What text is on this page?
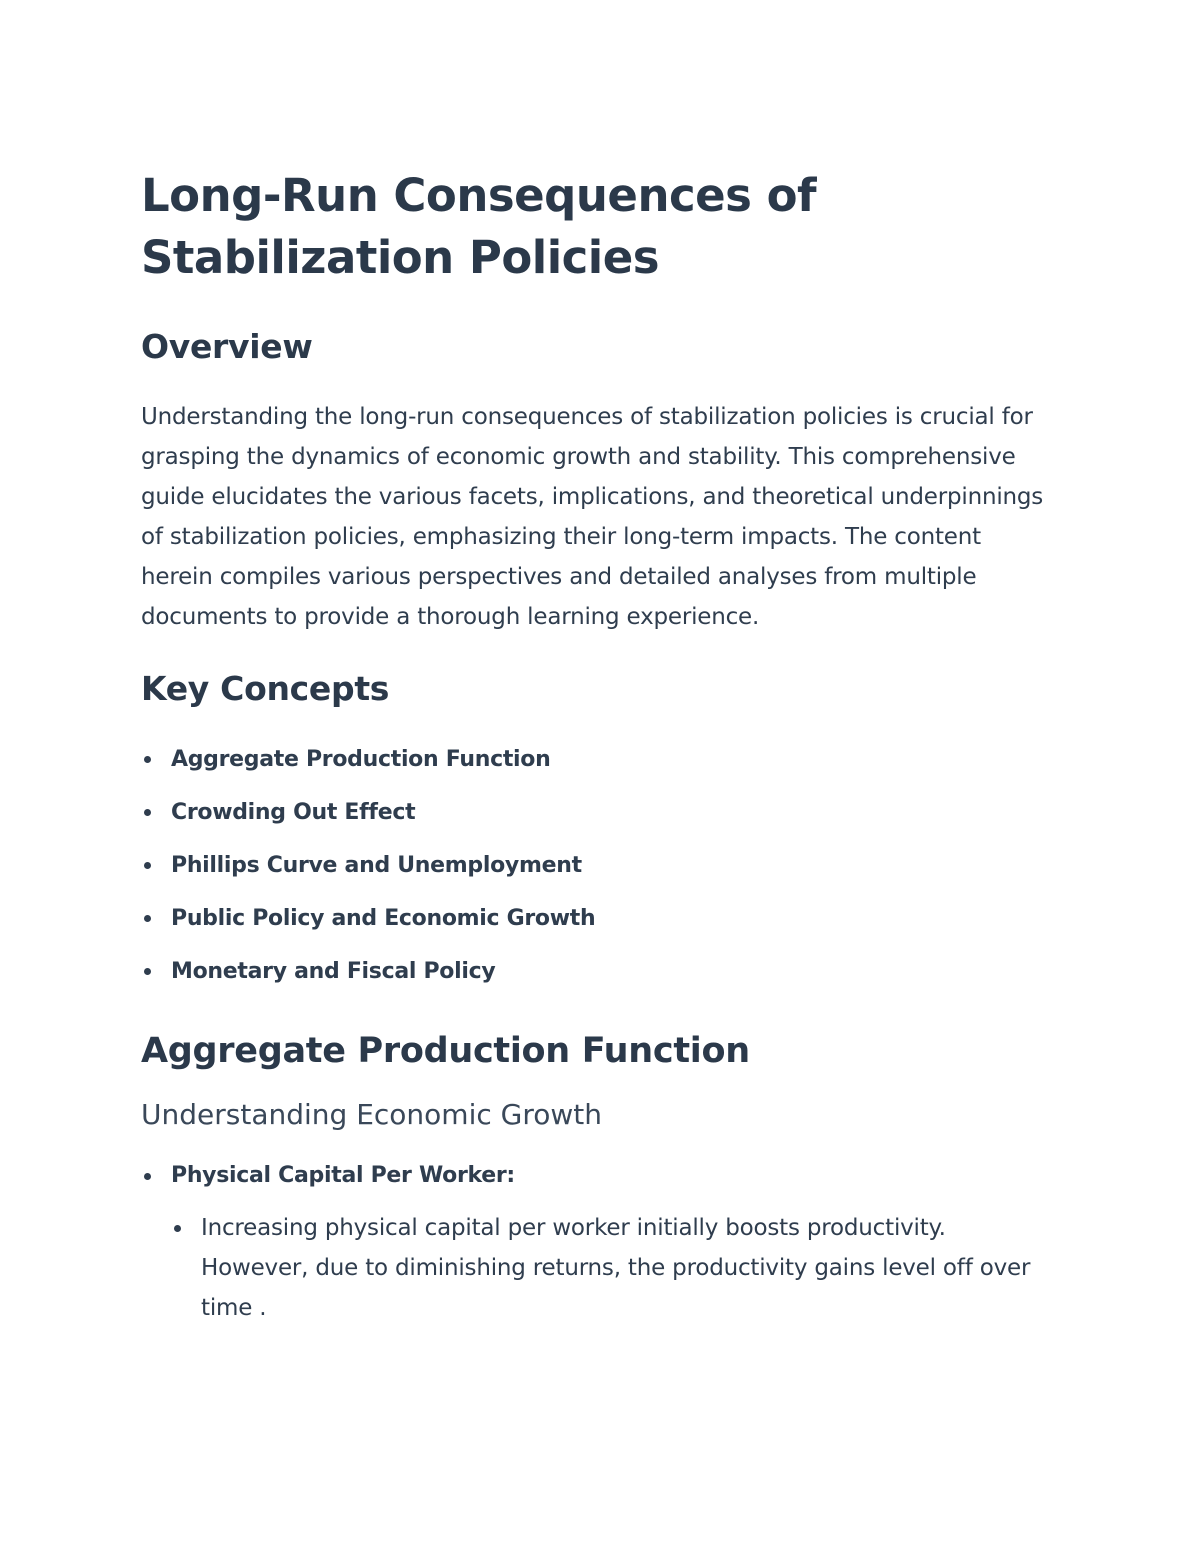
Long-Run Consequences of
Stabilization Policies
Overview

Understanding the long-run consequences of stabilization policies is crucial for grasping the dynamics of economic growth and stability. This comprehensive guide elucidates the various facets, implications, and theoretical underpinnings of stabilization policies, emphasizing their long-term impacts. The content herein compiles various perspectives and detailed analyses from multiple documents to provide a thorough learning experience.

Key Concepts
Aggregate Production Function
Crowding Out Effect
Phillips Curve and Unemployment
Public Policy and Economic Growth
Monetary and Fiscal Policy
Aggregate Production Function
Understanding Economic Growth
Physical Capital Per Worker:
Increasing physical capital per worker initially boosts productivity. However, due to diminishing returns, the productivity gains level off over time .
